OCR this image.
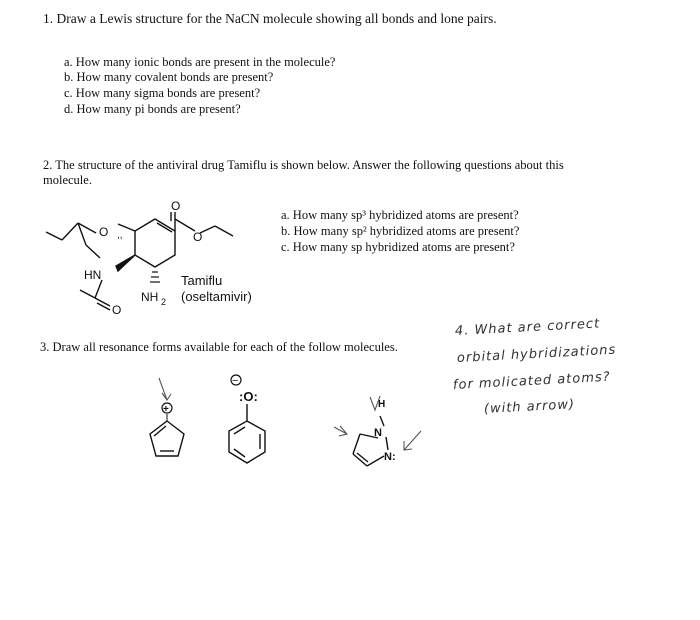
1. Draw a Lewis structure for the NaCN molecule showing all bonds and lone pairs.
a. How many ionic bonds are present in the molecule?
b. How many covalent bonds are present?
c. How many sigma bonds are present?
d. How many pi bonds are present?
2. The structure of the antiviral drug Tamiflu is shown below. Answer the following questions about this
molecule.
a. How many sp³ hybridized atoms are present?
b. How many sp² hybridized atoms are present?
c. How many sp hybridized atoms are present?
O
O
O ,,
HN
O
NH 2
Tamiflu
(oseltamivir)
3. Draw all resonance forms available for each of the follow molecules.
4. What are correct
orbital hybridizations
for molicated atoms?
(with arrow)
+
−
:O:
H
N
N:
